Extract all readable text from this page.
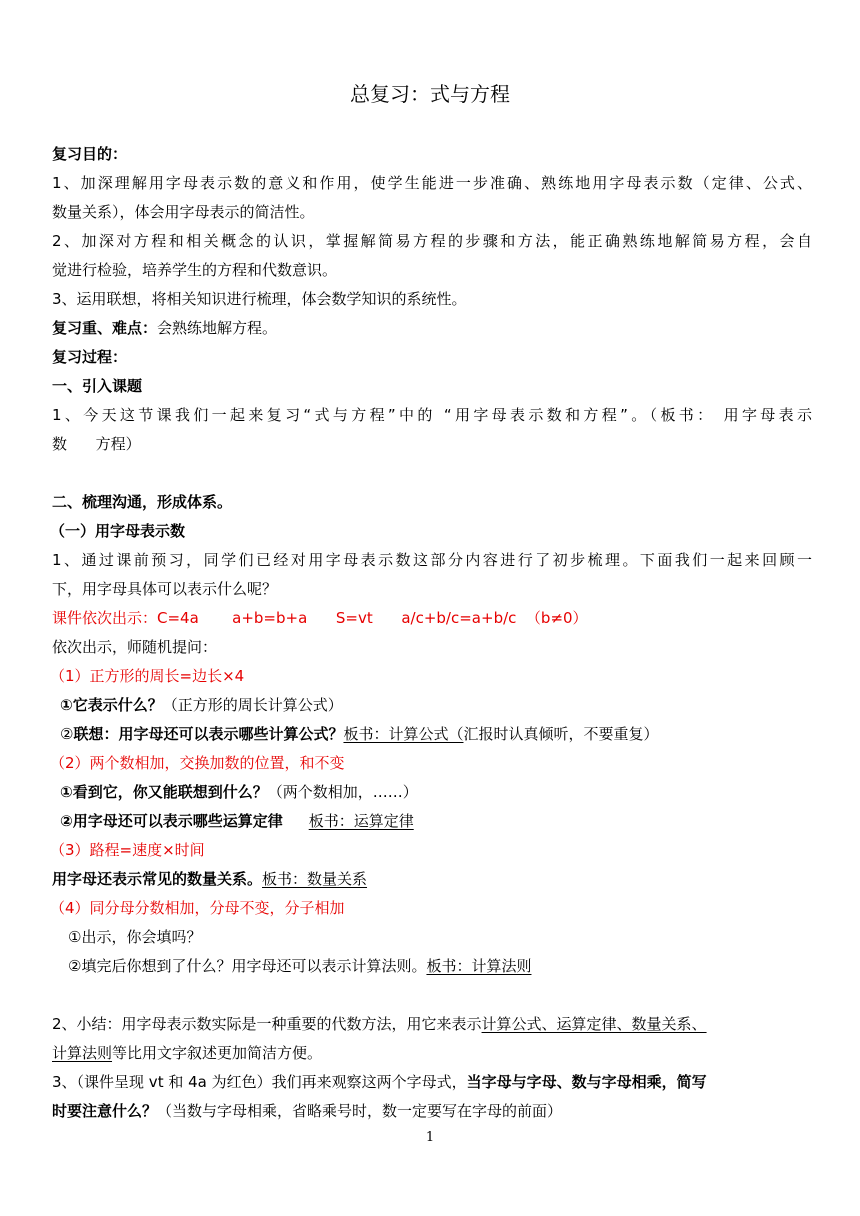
总复习：式与方程
复习目的：
1、加深理解用字母表示数的意义和作用，使学生能进一步准确、熟练地用字母表示数（定律、公式、
数量关系），体会用字母表示的简洁性。
2、加深对方程和相关概念的认识，掌握解简易方程的步骤和方法，能正确熟练地解简易方程，会自
觉进行检验，培养学生的方程和代数意识。
3、运用联想，将相关知识进行梳理，体会数学知识的系统性。
复习重、难点：会熟练地解方程。
复习过程：
一、引入课题
1、今天这节课我们一起来复习“式与方程”中的 “用字母表示数和方程”。（板书： 用字母表示
数      方程）
二、梳理沟通，形成体系。
（一）用字母表示数
1、通过课前预习，同学们已经对用字母表示数这部分内容进行了初步梳理。下面我们一起来回顾一
下，用字母具体可以表示什么呢？
课件依次出示：C=4a       a+b=b+a      S=vt      a/c+b/c=a+b/c  （b≠0）
依次出示，师随机提问：
（1）正方形的周长=边长×4
①它表示什么？（正方形的周长计算公式）
②联想：用字母还可以表示哪些计算公式？板书：计算公式（汇报时认真倾听，不要重复）
（2）两个数相加，交换加数的位置，和不变
①看到它，你又能联想到什么？（两个数相加，……）
②用字母还可以表示哪些运算定律 板书：运算定律
（3）路程=速度×时间
用字母还表示常见的数量关系。板书：数量关系
（4）同分母分数相加，分母不变，分子相加
①出示，你会填吗？
②填完后你想到了什么？用字母还可以表示计算法则。板书：计算法则
2、小结：用字母表示数实际是一种重要的代数方法，用它来表示计算公式、运算定律、数量关系、
计算法则等比用文字叙述更加简洁方便。
3、（课件呈现 vt 和 4a 为红色）我们再来观察这两个字母式，当字母与字母、数与字母相乘，简写
时要注意什么？（当数与字母相乘，省略乘号时，数一定要写在字母的前面）
1
